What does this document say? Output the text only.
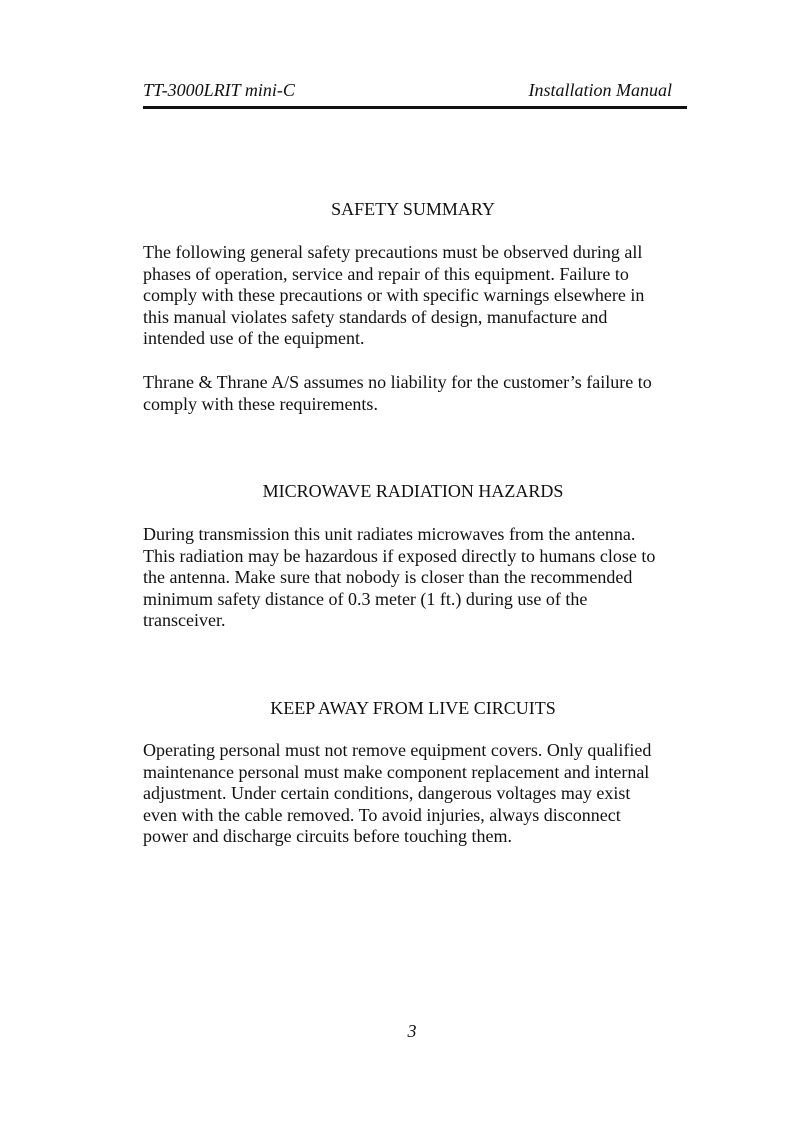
TT-3000LRIT mini-C	Installation Manual
SAFETY SUMMARY
The following general safety precautions must be observed during all
phases of operation, service and repair of this equipment. Failure to
comply with these precautions or with specific warnings elsewhere in
this manual violates safety standards of design, manufacture and
intended use of the equipment.
Thrane & Thrane A/S assumes no liability for the customer’s failure to
comply with these requirements.
MICROWAVE RADIATION HAZARDS
During transmission this unit radiates microwaves from the antenna.
This radiation may be hazardous if exposed directly to humans close to
the antenna. Make sure that nobody is closer than the recommended
minimum safety distance of 0.3 meter (1 ft.) during use of the
transceiver.
KEEP AWAY FROM LIVE CIRCUITS
Operating personal must not remove equipment covers. Only qualified
maintenance personal must make component replacement and internal
adjustment. Under certain conditions, dangerous voltages may exist
even with the cable removed. To avoid injuries, always disconnect
power and discharge circuits before touching them.
3
